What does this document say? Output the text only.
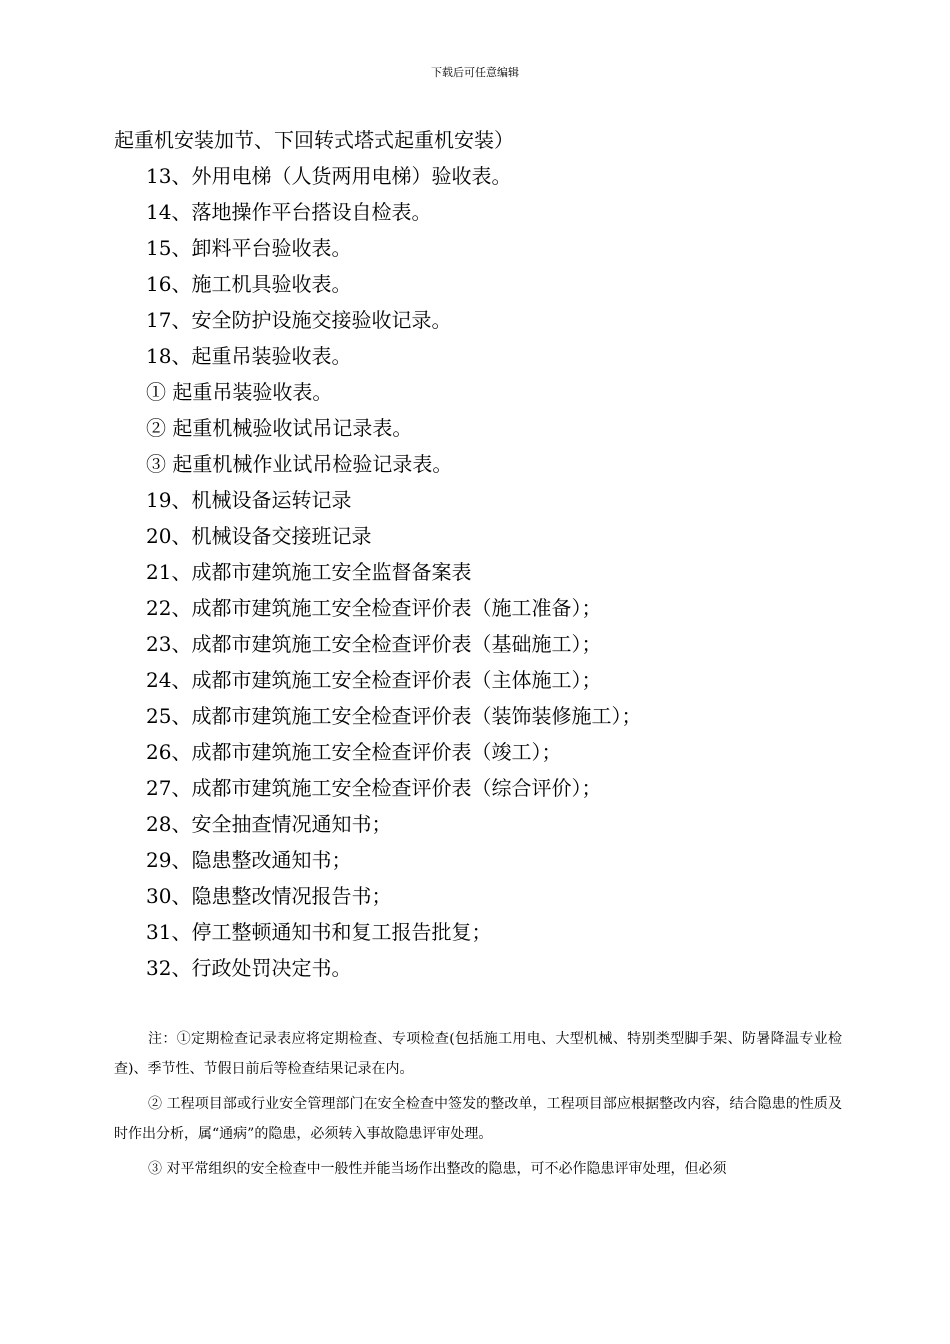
下载后可任意编辑
起重机安装加节、下回转式塔式起重机安装）
13、外用电梯（人货两用电梯）验收表。
14、落地操作平台搭设自检表。
15、卸料平台验收表。
16、施工机具验收表。
17、安全防护设施交接验收记录。
18、起重吊装验收表。
① 起重吊装验收表。
② 起重机械验收试吊记录表。
③ 起重机械作业试吊检验记录表。
19、机械设备运转记录
20、机械设备交接班记录
21、成都市建筑施工安全监督备案表
22、成都市建筑施工安全检查评价表（施工准备）；
23、成都市建筑施工安全检查评价表（基础施工）；
24、成都市建筑施工安全检查评价表（主体施工）；
25、成都市建筑施工安全检查评价表（装饰装修施工）；
26、成都市建筑施工安全检查评价表（竣工）；
27、成都市建筑施工安全检查评价表（综合评价）；
28、安全抽查情况通知书；
29、隐患整改通知书；
30、隐患整改情况报告书；
31、停工整顿通知书和复工报告批复；
32、行政处罚决定书。

注：①定期检查记录表应将定期检查、专项检查(包括施工用电、大型机械、特别类型脚手架、防暑降温专业检查)、季节性、节假日前后等检查结果记录在内。

② 工程项目部或行业安全管理部门在安全检查中签发的整改单，工程项目部应根据整改内容，结合隐患的性质及时作出分析，属“通病”的隐患，必须转入事故隐患评审处理。

③ 对平常组织的安全检查中一般性并能当场作出整改的隐患，可不必作隐患评审处理，但必须
